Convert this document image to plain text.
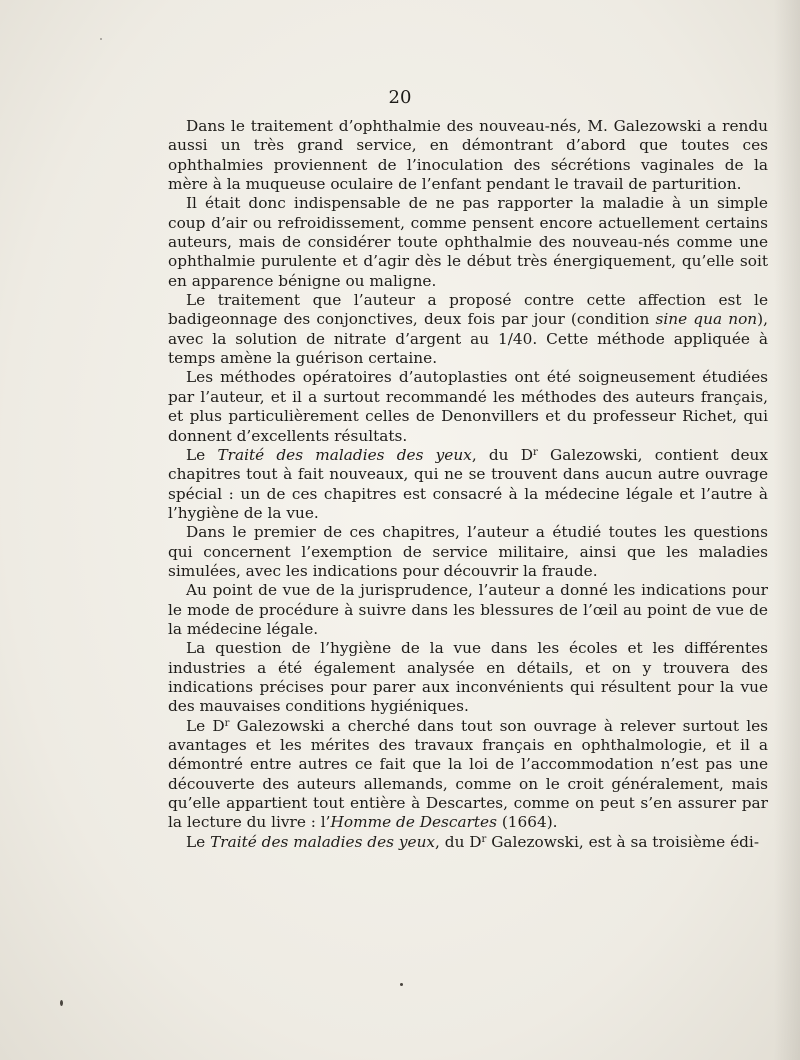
20

Dans le traitement d’ophthalmie des nouveau-nés, M. Galezowski a rendu aussi un très grand service, en démontrant d’abord que toutes ces ophthalmies proviennent de l’inoculation des sécrétions vaginales de la mère à la muqueuse oculaire de l’enfant pendant le travail de parturition.

Il était donc indispensable de ne pas rapporter la maladie à un simple coup d’air ou refroidissement, comme pensent encore actuellement certains auteurs, mais de considérer toute ophthalmie des nouveau-nés comme une ophthalmie purulente et d’agir dès le début très énergiquement, qu’elle soit en apparence bénigne ou maligne.

Le traitement que l’auteur a proposé contre cette affection est le badigeonnage des conjonctives, deux fois par jour (condition sine qua non), avec la solution de nitrate d’argent au 1/40. Cette méthode appliquée à temps amène la guérison certaine.

Les méthodes opératoires d’autoplasties ont été soigneusement étudiées par l’auteur, et il a surtout recommandé les méthodes des auteurs français, et plus particulièrement celles de Denonvillers et du professeur Richet, qui donnent d’excellents résultats.

Le Traité des maladies des yeux, du $D^r$ Galezowski, contient deux chapitres tout à fait nouveaux, qui ne se trouvent dans aucun autre ouvrage spécial : un de ces chapitres est consacré à la médecine légale et l’autre à l’hygiène de la vue.

Dans le premier de ces chapitres, l’auteur a étudié toutes les questions qui concernent l’exemption de service militaire, ainsi que les maladies simulées, avec les indications pour découvrir la fraude.

Au point de vue de la jurisprudence, l’auteur a donné les indications pour le mode de procédure à suivre dans les blessures de l’œil au point de vue de la médecine légale.

La question de l’hygiène de la vue dans les écoles et les différentes industries a été également analysée en détails, et on y trouvera des indications précises pour parer aux inconvénients qui résultent pour la vue des mauvaises conditions hygiéniques.

Le $D^r$ Galezowski a cherché dans tout son ouvrage à relever surtout les avantages et les mérites des travaux français en ophthalmologie, et il a démontré entre autres ce fait que la loi de l’accommodation n’est pas une découverte des auteurs allemands, comme on le croit généralement, mais qu’elle appartient tout entière à Descartes, comme on peut s’en assurer par la lecture du livre : l’Homme de Descartes (1664).

Le Traité des maladies des yeux, du $D^r$ Galezowski, est à sa troisième édi-
